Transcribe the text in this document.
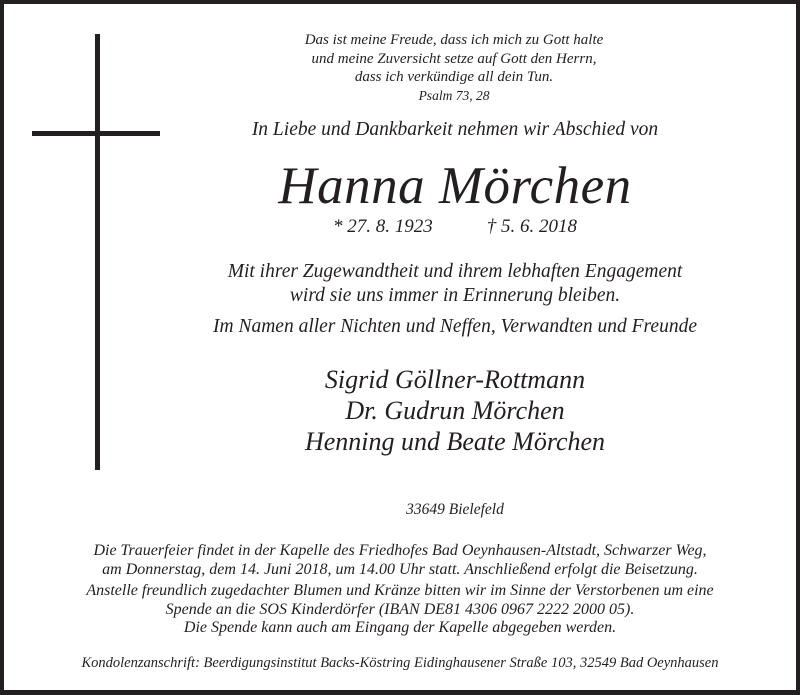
Das ist meine Freude, dass ich mich zu Gott halte
und meine Zuversicht setze auf Gott den Herrn,
dass ich verkündige all dein Tun.
Psalm 73, 28
In Liebe und Dankbarkeit nehmen wir Abschied von
Hanna Mörchen
* 27. 8. 1923	† 5. 6. 2018
Mit ihrer Zugewandtheit und ihrem lebhaften Engagement
wird sie uns immer in Erinnerung bleiben.
Im Namen aller Nichten und Neffen, Verwandten und Freunde
Sigrid Göllner-Rottmann
Dr. Gudrun Mörchen
Henning und Beate Mörchen
33649 Bielefeld
Die Trauerfeier findet in der Kapelle des Friedhofes Bad Oeynhausen-Altstadt, Schwarzer Weg,
am Donnerstag, dem 14. Juni 2018, um 14.00 Uhr statt. Anschließend erfolgt die Beisetzung.
Anstelle freundlich zugedachter Blumen und Kränze bitten wir im Sinne der Verstorbenen um eine
Spende an die SOS Kinderdörfer (IBAN DE81 4306 0967 2222 2000 05).
Die Spende kann auch am Eingang der Kapelle abgegeben werden.
Kondolenzanschrift: Beerdigungsinstitut Backs-Köstring Eidinghausener Straße 103, 32549 Bad Oeynhausen
